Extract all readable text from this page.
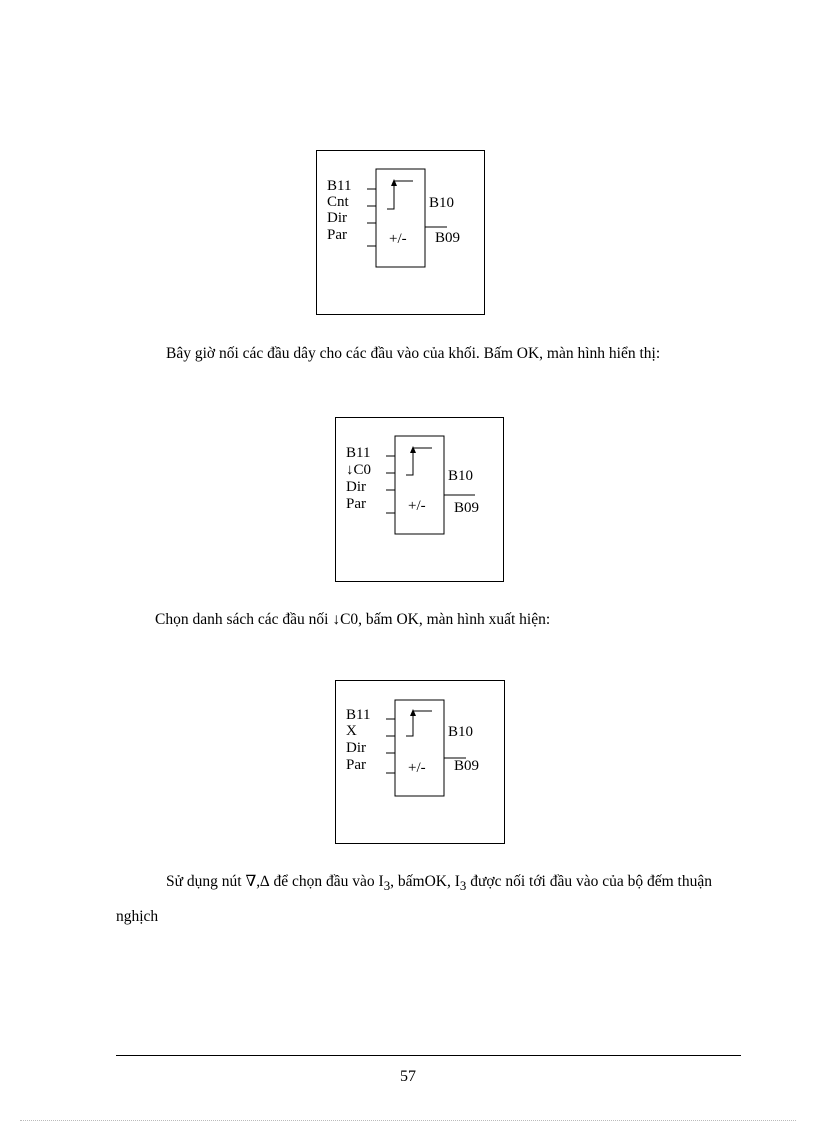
B11
Cnt
Dir
Par
B10
+/- B09

Bây giờ nối các đầu dây cho các đầu vào của khối. Bấm OK, màn hình hiển thị:

B11
↓C0
Dir
Par
B10
+/- B09

Chọn danh sách các đầu nối ↓C0, bấm OK, màn hình xuất hiện:

B11
X
Dir
Par
B10
+/- B09

Sử dụng nút ∇,∆ để chọn đầu vào $I_3$, bấmOK, $I_3$ được nối tới đầu vào của bộ đếm thuận nghịch

57
